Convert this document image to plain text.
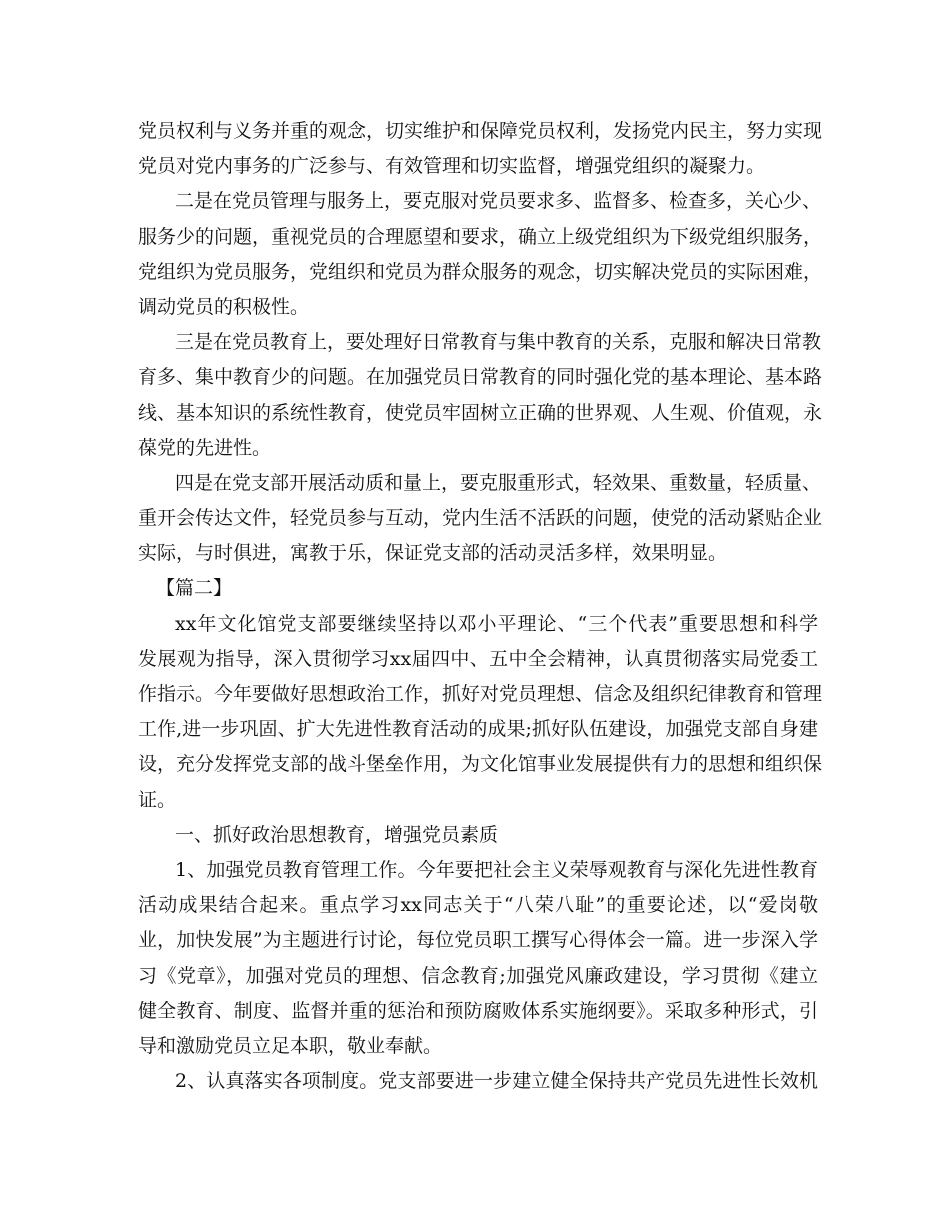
党员权利与义务并重的观念，切实维护和保障党员权利，发扬党内民主，努力实现
党员对党内事务的广泛参与、有效管理和切实监督，增强党组织的凝聚力。
二是在党员管理与服务上，要克服对党员要求多、监督多、检查多，关心少、
服务少的问题，重视党员的合理愿望和要求，确立上级党组织为下级党组织服务，
党组织为党员服务，党组织和党员为群众服务的观念，切实解决党员的实际困难，
调动党员的积极性。
三是在党员教育上，要处理好日常教育与集中教育的关系，克服和解决日常教
育多、集中教育少的问题。在加强党员日常教育的同时强化党的基本理论、基本路
线、基本知识的系统性教育，使党员牢固树立正确的世界观、人生观、价值观，永
葆党的先进性。
四是在党支部开展活动质和量上，要克服重形式，轻效果、重数量，轻质量、
重开会传达文件，轻党员参与互动，党内生活不活跃的问题，使党的活动紧贴企业
实际，与时俱进，寓教于乐，保证党支部的活动灵活多样，效果明显。
【篇二】
xx年文化馆党支部要继续坚持以邓小平理论、“三个代表”重要思想和科学
发展观为指导，深入贯彻学习xx届四中、五中全会精神，认真贯彻落实局党委工
作指示。今年要做好思想政治工作，抓好对党员理想、信念及组织纪律教育和管理
工作,进一步巩固、扩大先进性教育活动的成果;抓好队伍建设，加强党支部自身建
设，充分发挥党支部的战斗堡垒作用，为文化馆事业发展提供有力的思想和组织保
证。
一、抓好政治思想教育，增强党员素质
1、加强党员教育管理工作。今年要把社会主义荣辱观教育与深化先进性教育
活动成果结合起来。重点学习xx同志关于“八荣八耻”的重要论述，以“爱岗敬
业，加快发展”为主题进行讨论，每位党员职工撰写心得体会一篇。进一步深入学
习《党章》，加强对党员的理想、信念教育;加强党风廉政建设，学习贯彻《建立
健全教育、制度、监督并重的惩治和预防腐败体系实施纲要》。采取多种形式，引
导和激励党员立足本职，敬业奉献。
2、认真落实各项制度。党支部要进一步建立健全保持共产党员先进性长效机
